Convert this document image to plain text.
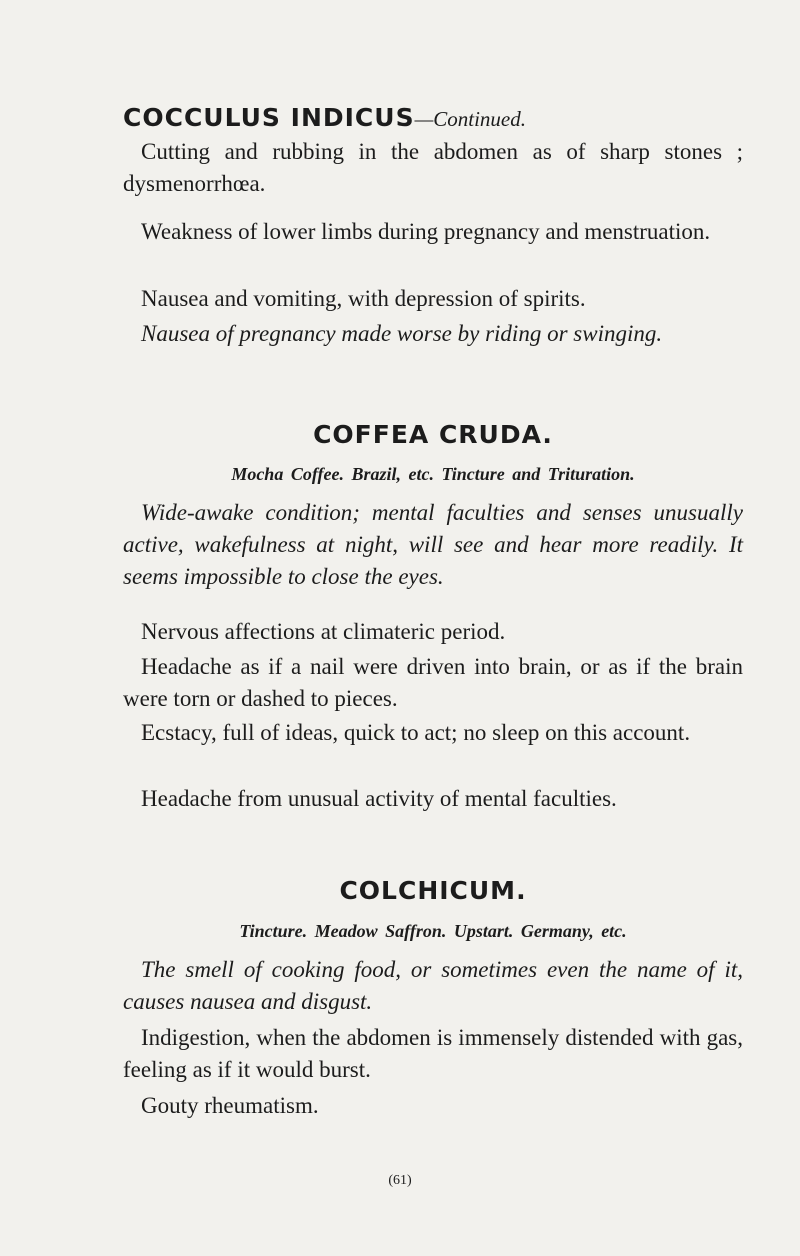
COCCULUS INDICUS—Continued.

Cutting and rubbing in the abdomen as of sharp stones ; dysmenorrhœa.

Weakness of lower limbs during pregnancy and menstruation.

Nausea and vomiting, with depression of spirits.

Nausea of pregnancy made worse by riding or swinging.

COFFEA CRUDA.
Mocha Coffee. Brazil, etc. Tincture and Trituration.

Wide-awake condition; mental faculties and senses unusually active, wakefulness at night, will see and hear more readily. It seems impossible to close the eyes.

Nervous affections at climateric period.

Headache as if a nail were driven into brain, or as if the brain were torn or dashed to pieces.

Ecstacy, full of ideas, quick to act; no sleep on this account.

Headache from unusual activity of mental faculties.

COLCHICUM.
Tincture. Meadow Saffron. Upstart. Germany, etc.

The smell of cooking food, or sometimes even the name of it, causes nausea and disgust.

Indigestion, when the abdomen is immensely distended with gas, feeling as if it would burst.

Gouty rheumatism.

(61)
